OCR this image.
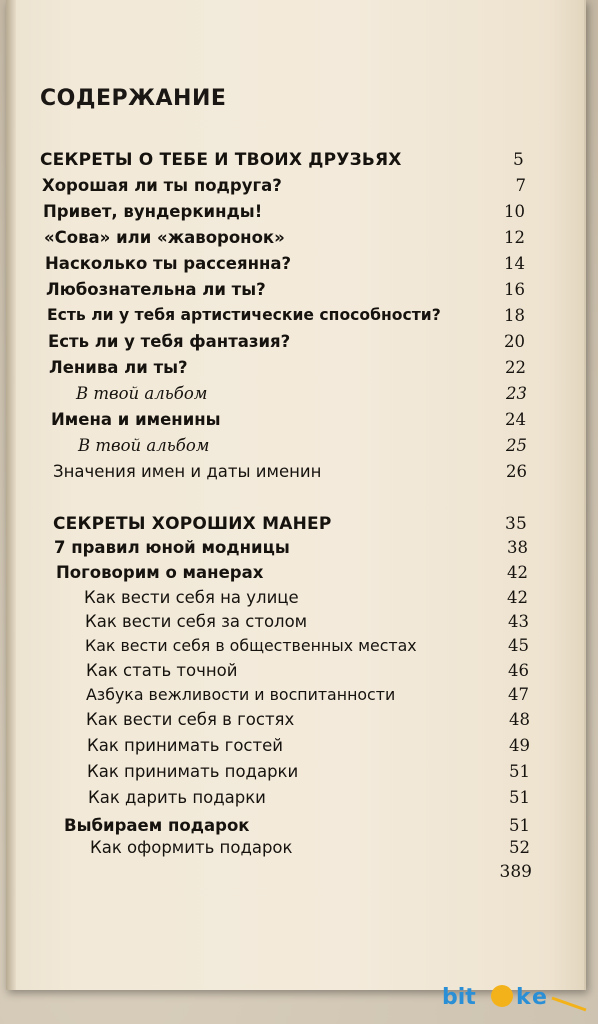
СОДЕРЖАНИЕ
СЕКРЕТЫ О ТЕБЕ И ТВОИХ ДРУЗЬЯХ	5
Хорошая ли ты подруга?	7
Привет, вундеркинды!	10
«Сова» или «жаворонок»	12
Насколько ты рассеянна?	14
Любознательна ли ты?	16
Есть ли у тебя артистические способности?	18
Есть ли у тебя фантазия?	20
Ленива ли ты?	22
В твой альбом	23
Имена и именины	24
В твой альбом	25
Значения имен и даты именин	26
СЕКРЕТЫ ХОРОШИХ МАНЕР	35
7 правил юной модницы	38
Поговорим о манерах	42
Как вести себя на улице	42
Как вести себя за столом	43
Как вести себя в общественных местах	45
Как стать точной	46
Азбука вежливости и воспитанности	47
Как вести себя в гостях	48
Как принимать гостей	49
Как принимать подарки	51
Как дарить подарки	51
Выбираем подарок	51
Как оформить подарок	52
389
bit k e
